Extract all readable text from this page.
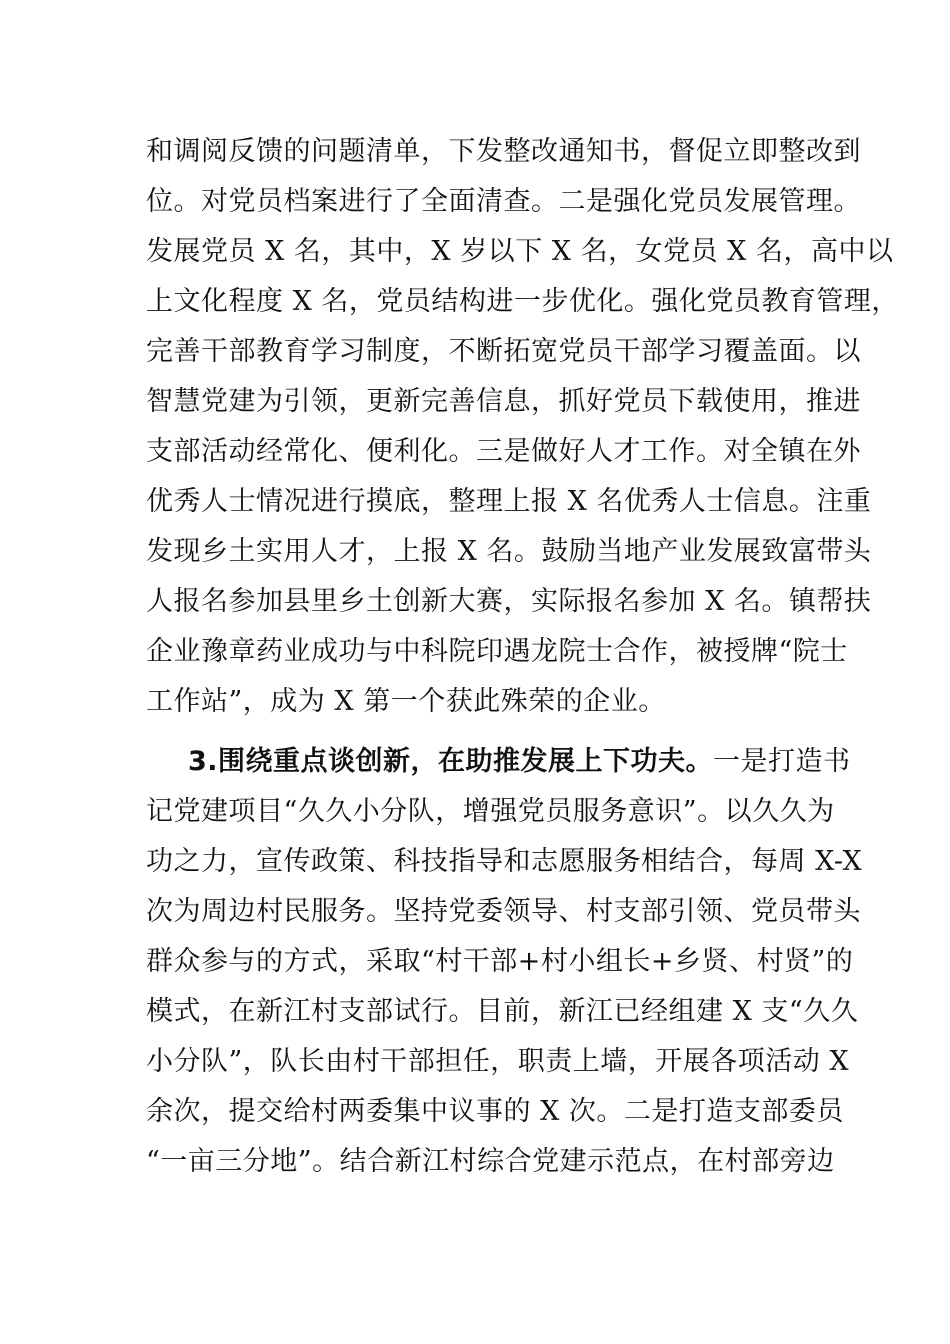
和调阅反馈的问题清单，下发整改通知书，督促立即整改到
位。对党员档案进行了全面清查。二是强化党员发展管理。
发展党员 X 名，其中，X 岁以下 X 名，女党员 X 名，高中以
上文化程度 X 名，党员结构进一步优化。强化党员教育管理，
完善干部教育学习制度，不断拓宽党员干部学习覆盖面。以
智慧党建为引领，更新完善信息，抓好党员下载使用，推进
支部活动经常化、便利化。三是做好人才工作。对全镇在外
优秀人士情况进行摸底，整理上报 X 名优秀人士信息。注重
发现乡土实用人才，上报 X 名。鼓励当地产业发展致富带头
人报名参加县里乡土创新大赛，实际报名参加 X 名。镇帮扶
企业豫章药业成功与中科院印遇龙院士合作，被授牌“院士
工作站”，成为 X 第一个获此殊荣的企业。
3.围绕重点谈创新，在助推发展上下功夫。一是打造书
记党建项目“久久小分队，增强党员服务意识”。以久久为
功之力，宣传政策、科技指导和志愿服务相结合，每周 X-X
次为周边村民服务。坚持党委领导、村支部引领、党员带头
群众参与的方式，采取“村干部+村小组长+乡贤、村贤”的
模式，在新江村支部试行。目前，新江已经组建 X 支“久久
小分队”，队长由村干部担任，职责上墙，开展各项活动 X
余次，提交给村两委集中议事的 X 次。二是打造支部委员
“一亩三分地”。结合新江村综合党建示范点，在村部旁边
